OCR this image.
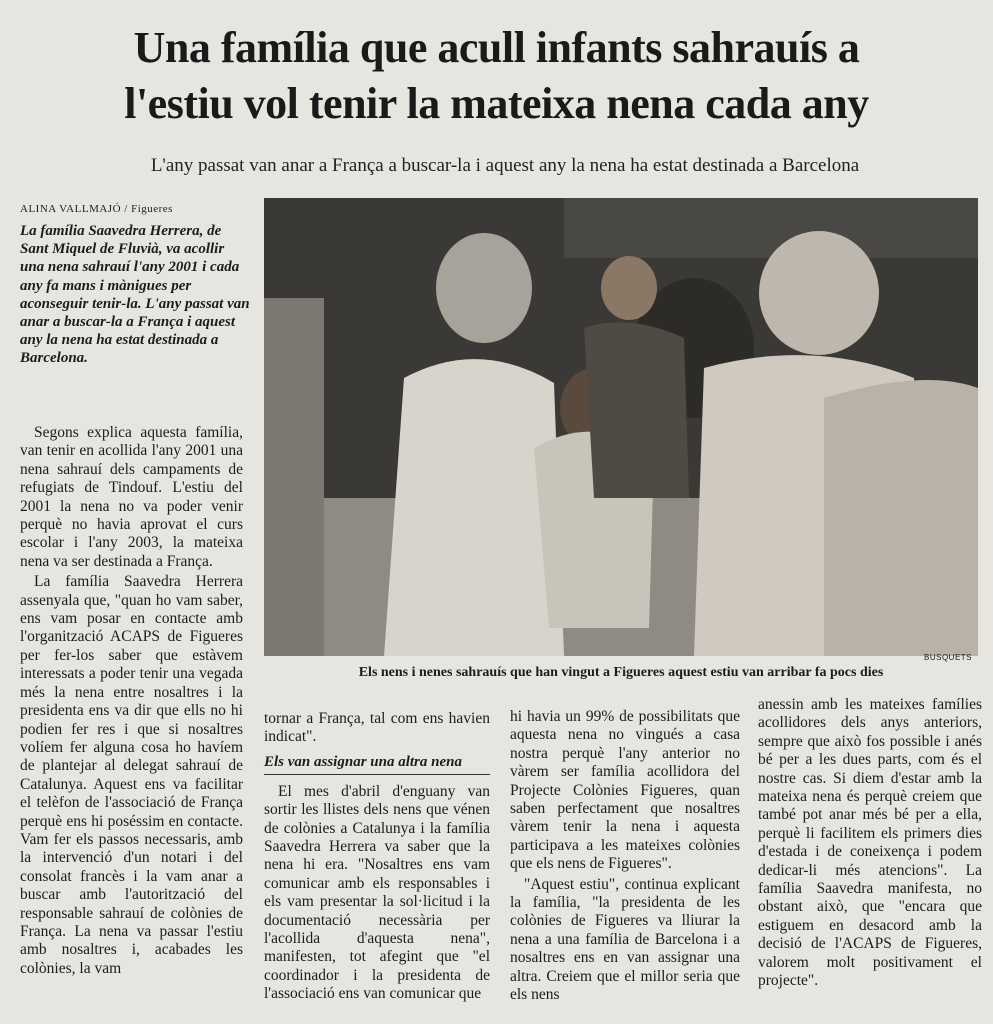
Una família que acull infants sahrauís a
l'estiu vol tenir la mateixa nena cada any
L'any passat van anar a França a buscar-la i aquest any la nena ha estat destinada a Barcelona
ALINA VALLMAJÓ / Figueres
La família Saavedra Herrera, de Sant Miquel de Fluvià, va acollir una nena sahrauí l'any 2001 i cada any fa mans i mànigues per aconseguir tenir-la. L'any passat van anar a buscar-la a França i aquest any la nena ha estat destinada a Barcelona.

Segons explica aquesta família, van tenir en acollida l'any 2001 una nena sahrauí dels campaments de refugiats de Tindouf. L'estiu del 2001 la nena no va poder venir perquè no havia aprovat el curs escolar i l'any 2003, la mateixa nena va ser destinada a França.

La família Saavedra Herrera assenyala que, "quan ho vam saber, ens vam posar en contacte amb l'organització ACAPS de Figueres per fer-los saber que estàvem interessats a poder tenir una vegada més la nena entre nosaltres i la presidenta ens va dir que ells no hi podien fer res i que si nosaltres volíem fer alguna cosa ho havíem de plantejar al delegat sahrauí de Catalunya. Aquest ens va facilitar el telèfon de l'associació de França perquè ens hi poséssim en contacte. Vam fer els passos necessaris, amb la intervenció d'un notari i del consolat francès i la vam anar a buscar amb l'autorització del responsable sahrauí de colònies de França. La nena va passar l'estiu amb nosaltres i, acabades les colònies, la vam

BUSQUETS
Els nens i nenes sahrauís que han vingut a Figueres aquest estiu van arribar fa pocs dies

tornar a França, tal com ens havien indicat".

Els van assignar una altra nena

El mes d'abril d'enguany van sortir les llistes dels nens que vénen de colònies a Catalunya i la família Saavedra Herrera va saber que la nena hi era. "Nosaltres ens vam comunicar amb els responsables i els vam presentar la sol·licitud i la documentació necessària per l'acollida d'aquesta nena", manifesten, tot afegint que "el coordinador i la presidenta de l'associació ens van comunicar que

hi havia un 99% de possibilitats que aquesta nena no vingués a casa nostra perquè l'any anterior no vàrem ser família acollidora del Projecte Colònies Figueres, quan saben perfectament que nosaltres vàrem tenir la nena i aquesta participava a les mateixes colònies que els nens de Figueres".

"Aquest estiu", continua explicant la família, "la presidenta de les colònies de Figueres va lliurar la nena a una família de Barcelona i a nosaltres ens en van assignar una altra. Creiem que el millor seria que els nens

anessin amb les mateixes famílies acollidores dels anys anteriors, sempre que això fos possible i anés bé per a les dues parts, com és el nostre cas. Si diem d'estar amb la mateixa nena és perquè creiem que també pot anar més bé per a ella, perquè li facilitem els primers dies d'estada i de coneixença i podem dedicar-li més atencions". La família Saavedra manifesta, no obstant això, que "encara que estiguem en desacord amb la decisió de l'ACAPS de Figueres, valorem molt positivament el projecte".
